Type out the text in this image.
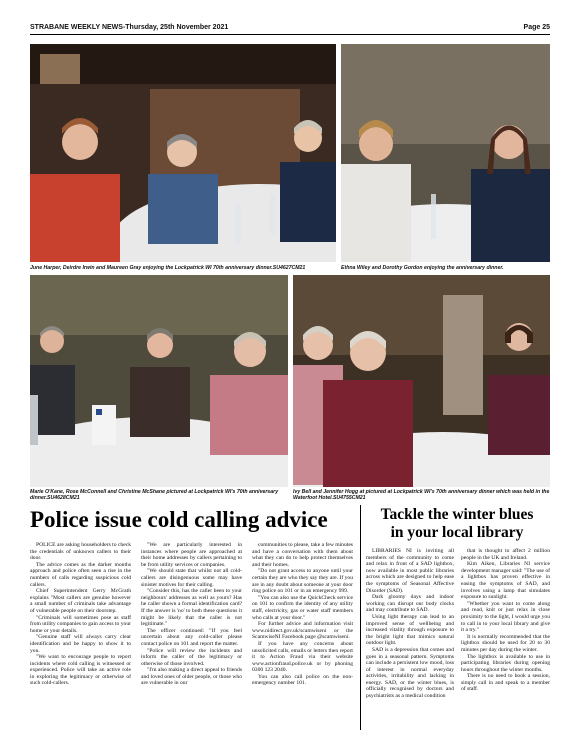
STRABANE WEEKLY NEWS-Thursday, 25th November 2021	Page 25
June Harper, Deirdre Irwin and Maureen Gray enjoying the Lockpatrick WI 70th anniversary dinner.SU4627CM21	Ethna Wiley and Dorothy Gordon enjoying the anniversary dinner.
Marie O'Kane, Rose McConnell and Christine McShane pictured at Lockpatrick WI's 70th anniversary dinner.SU4628CM21
Ivy Bell and Jennifer Hogg at pictured at Lockpatrick WI's 70th anniversary dinner which was held in the Waterfoot Hotel.SU4755CM21
Police issue cold calling advice

POLICE are asking householders to check the credentials of unknown callers to their door.

The advice comes as the darker months approach and police often seen a rise in the numbers of calls regarding suspicious cold callers.

Chief Superintendent Gerry McGrath explains "Most callers are genuine however a small number of criminals take advantage of vulnerable people on their doorstep.

"Criminals will sometimes pose as staff from utility companies to gain access to your home or your details.

"Genuine staff will always carry clear identification and be happy to show it to you.

"We want to encourage people to report incidents where cold calling is witnessed or experienced. Police will take an active role in exploring the legitimacy or otherwise of such cold-callers.

"We are particularly interested in instances where people are approached at their home addresses by callers pertaining to be from utility services or companies.

"We should state that whilst not all cold-callers are disingenuous some may have sinister motives for their calling.

"Consider this, has the caller been to your neighbours' addresses as well as yours? Has he caller shown a formal identification card? If the answer is 'no' to both these questions it might be likely that the caller is not legitimate."

The officer continued: "If you feel uncertain about any cold-caller please contact police on 101 and report the matter.

"Police will review the incidents and inform the caller of the legitimacy or otherwise of those involved.

"I'm also making a direct appeal to friends and loved ones of older people, or those who are vulnerable in our

communities to please, take a few minutes and have a conversation with them about what they can do to help protect themselves and their homes.

"Do not grant access to anyone until your certain they are who they say they are. If you are in any doubt about someone at your door ring police on 101 or in an emergency 999.

"You can also use the QuickCheck service on 101 to confirm the identity of any utility staff, electricity, gas or water staff members who calls at your door."

For further advice and information visit www.nidirect.gov.uk/scamwiseni or the ScamwiseNI Facebook page @scamwiseni.

If you have any concerns about unsolicited calls, emails or letters then report it to Action Fraud via their website www.actionfraud.police.uk or by phoning 0300 123 2040.

You can also call police on the non-emergency number 101.

Tackle the winter blues
in your local library

LIBRARIES NI is inviting all members of the community to come and relax in front of a SAD lightbox, now available in most public libraries across which are designed to help ease the symptoms of Seasonal Affective Disorder (SAD).

Dark gloomy days and indoor working can disrupt our body clocks and may contribute to SAD.

Using light therapy can lead to an improved sense of wellbeing and increased vitality through exposure to the bright light that mimics natural outdoor light.

SAD is a depression that comes and goes in a seasonal pattern. Symptoms can include a persistent low mood, loss of interest in normal everyday activities, irritability and lacking in energy. SAD, or the winter blues, is officially recognised by doctors and psychiatrists as a medical condition

that is thought to affect 2 million people in the UK and Ireland.

Kim Aiken, Libraries NI service development manager said: "The use of a lightbox has proven effective in easing the symptoms of SAD, and involves using a lamp that simulates exposure to sunlight.

"Whether you want to come along and read, knit or just relax in close proximity to the light, I would urge you to call in to your local library and give it a try."

It is normally recommended that the lightbox should be used for 20 to 30 minutes per day during the winter.

The lightbox is available to use in participating libraries during opening hours throughout the winter months.

There is no need to book a session, simply call in and speak to a member of staff.
